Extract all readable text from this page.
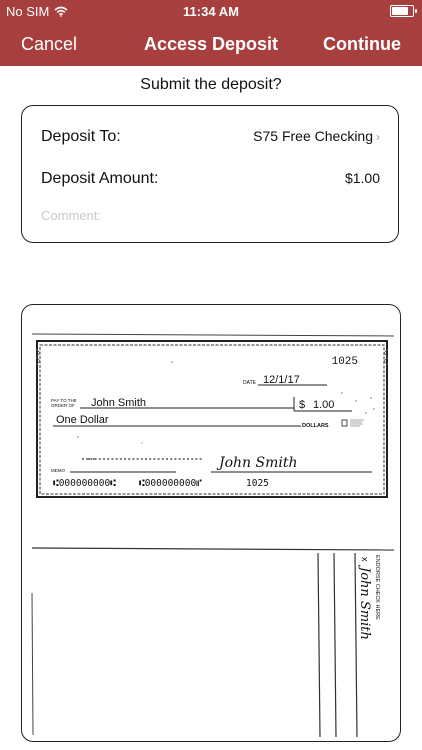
No SIM	11:34 AM
Cancel	Access Deposit	Continue
Submit the deposit?
Deposit To:	S75 Free Checking ›
Deposit Amount:	$1.00
Comment:
1025
DATE 12/1/17
PAY TO THE
ORDER OF John Smith	$ 1.00
One Dollar	DOLLARS
MEMO	John Smith
⑆000000000⑆ ⑆000000000⑈	1025
ENDORSE CHECK HERE
x
John Smith
